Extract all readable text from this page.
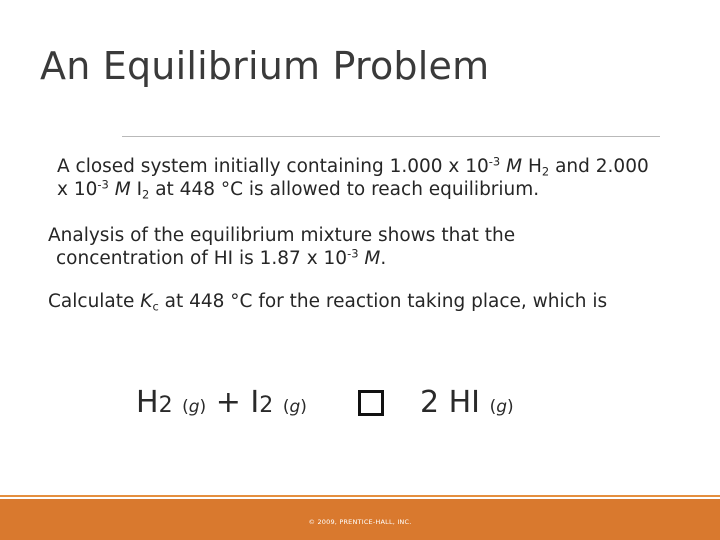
An Equilibrium Problem
A closed system initially containing 1.000 x $10^{-3}$ M $H_2$ and 2.000
x $10^{-3}$ M $I_2$ at 448 °C is allowed to reach equilibrium.
Analysis of the equilibrium mixture shows that the
concentration of HI is 1.87 x $10^{-3}$ M.
Calculate $K_c$ at 448 °C for the reaction taking place, which is
H2 (g) + I2 (g)	2 HI (g)
© 2009, PRENTICE-HALL, INC.
